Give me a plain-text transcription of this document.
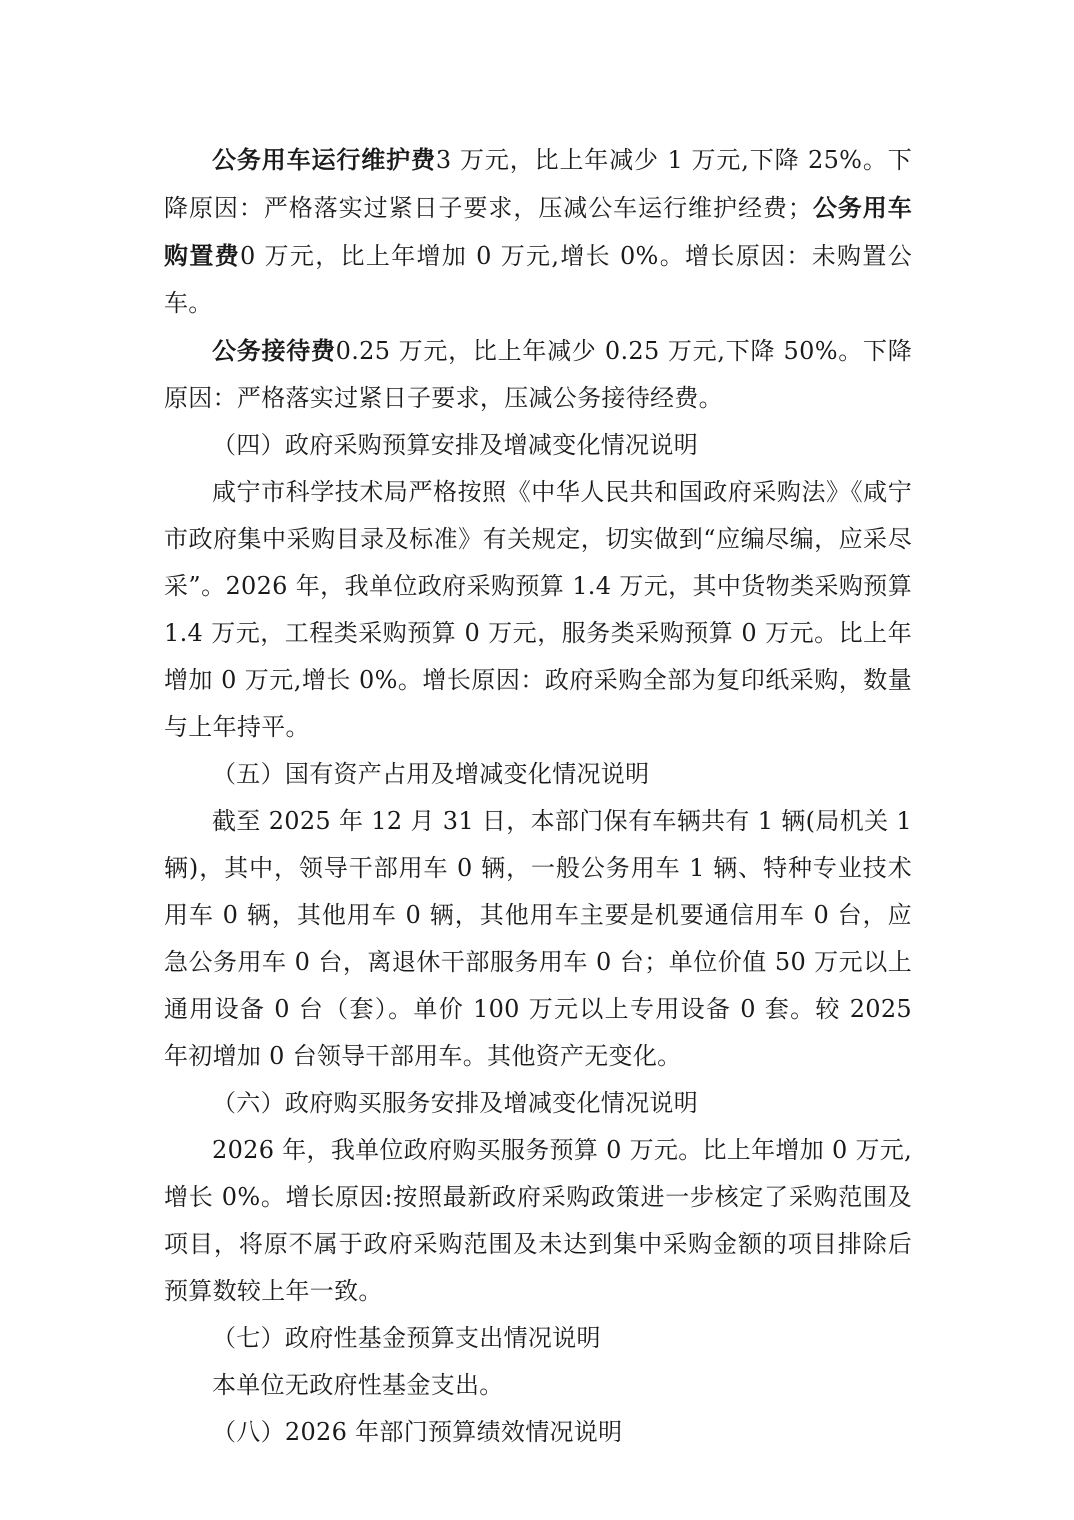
公务用车运行维护费3 万元，比上年减少 1 万元,下降 25%。下降原因：严格落实过紧日子要求，压减公车运行维护经费；公务用车购置费0 万元，比上年增加 0 万元,增长 0%。增长原因：未购置公车。

公务接待费0.25 万元，比上年减少 0.25 万元,下降 50%。下降原因：严格落实过紧日子要求，压减公务接待经费。

（四）政府采购预算安排及增减变化情况说明

咸宁市科学技术局严格按照《中华人民共和国政府采购法》《咸宁市政府集中采购目录及标准》有关规定，切实做到“应编尽编，应采尽采”。2026 年，我单位政府采购预算 1.4 万元，其中货物类采购预算 1.4 万元，工程类采购预算 0 万元，服务类采购预算 0 万元。比上年增加 0 万元,增长 0%。增长原因：政府采购全部为复印纸采购，数量与上年持平。

（五）国有资产占用及增减变化情况说明

截至 2025 年 12 月 31 日，本部门保有车辆共有 1 辆(局机关 1 辆)，其中，领导干部用车 0 辆，一般公务用车 1 辆、特种专业技术用车 0 辆，其他用车 0 辆，其他用车主要是机要通信用车 0 台，应急公务用车 0 台，离退休干部服务用车 0 台；单位价值 50 万元以上通用设备 0 台（套）。单价 100 万元以上专用设备 0 套。较 2025 年初增加 0 台领导干部用车。其他资产无变化。

（六）政府购买服务安排及增减变化情况说明

2026 年，我单位政府购买服务预算 0 万元。比上年增加 0 万元,增长 0%。增长原因:按照最新政府采购政策进一步核定了采购范围及项目，将原不属于政府采购范围及未达到集中采购金额的项目排除后预算数较上年一致。

（七）政府性基金预算支出情况说明

本单位无政府性基金支出。

（八）2026 年部门预算绩效情况说明
